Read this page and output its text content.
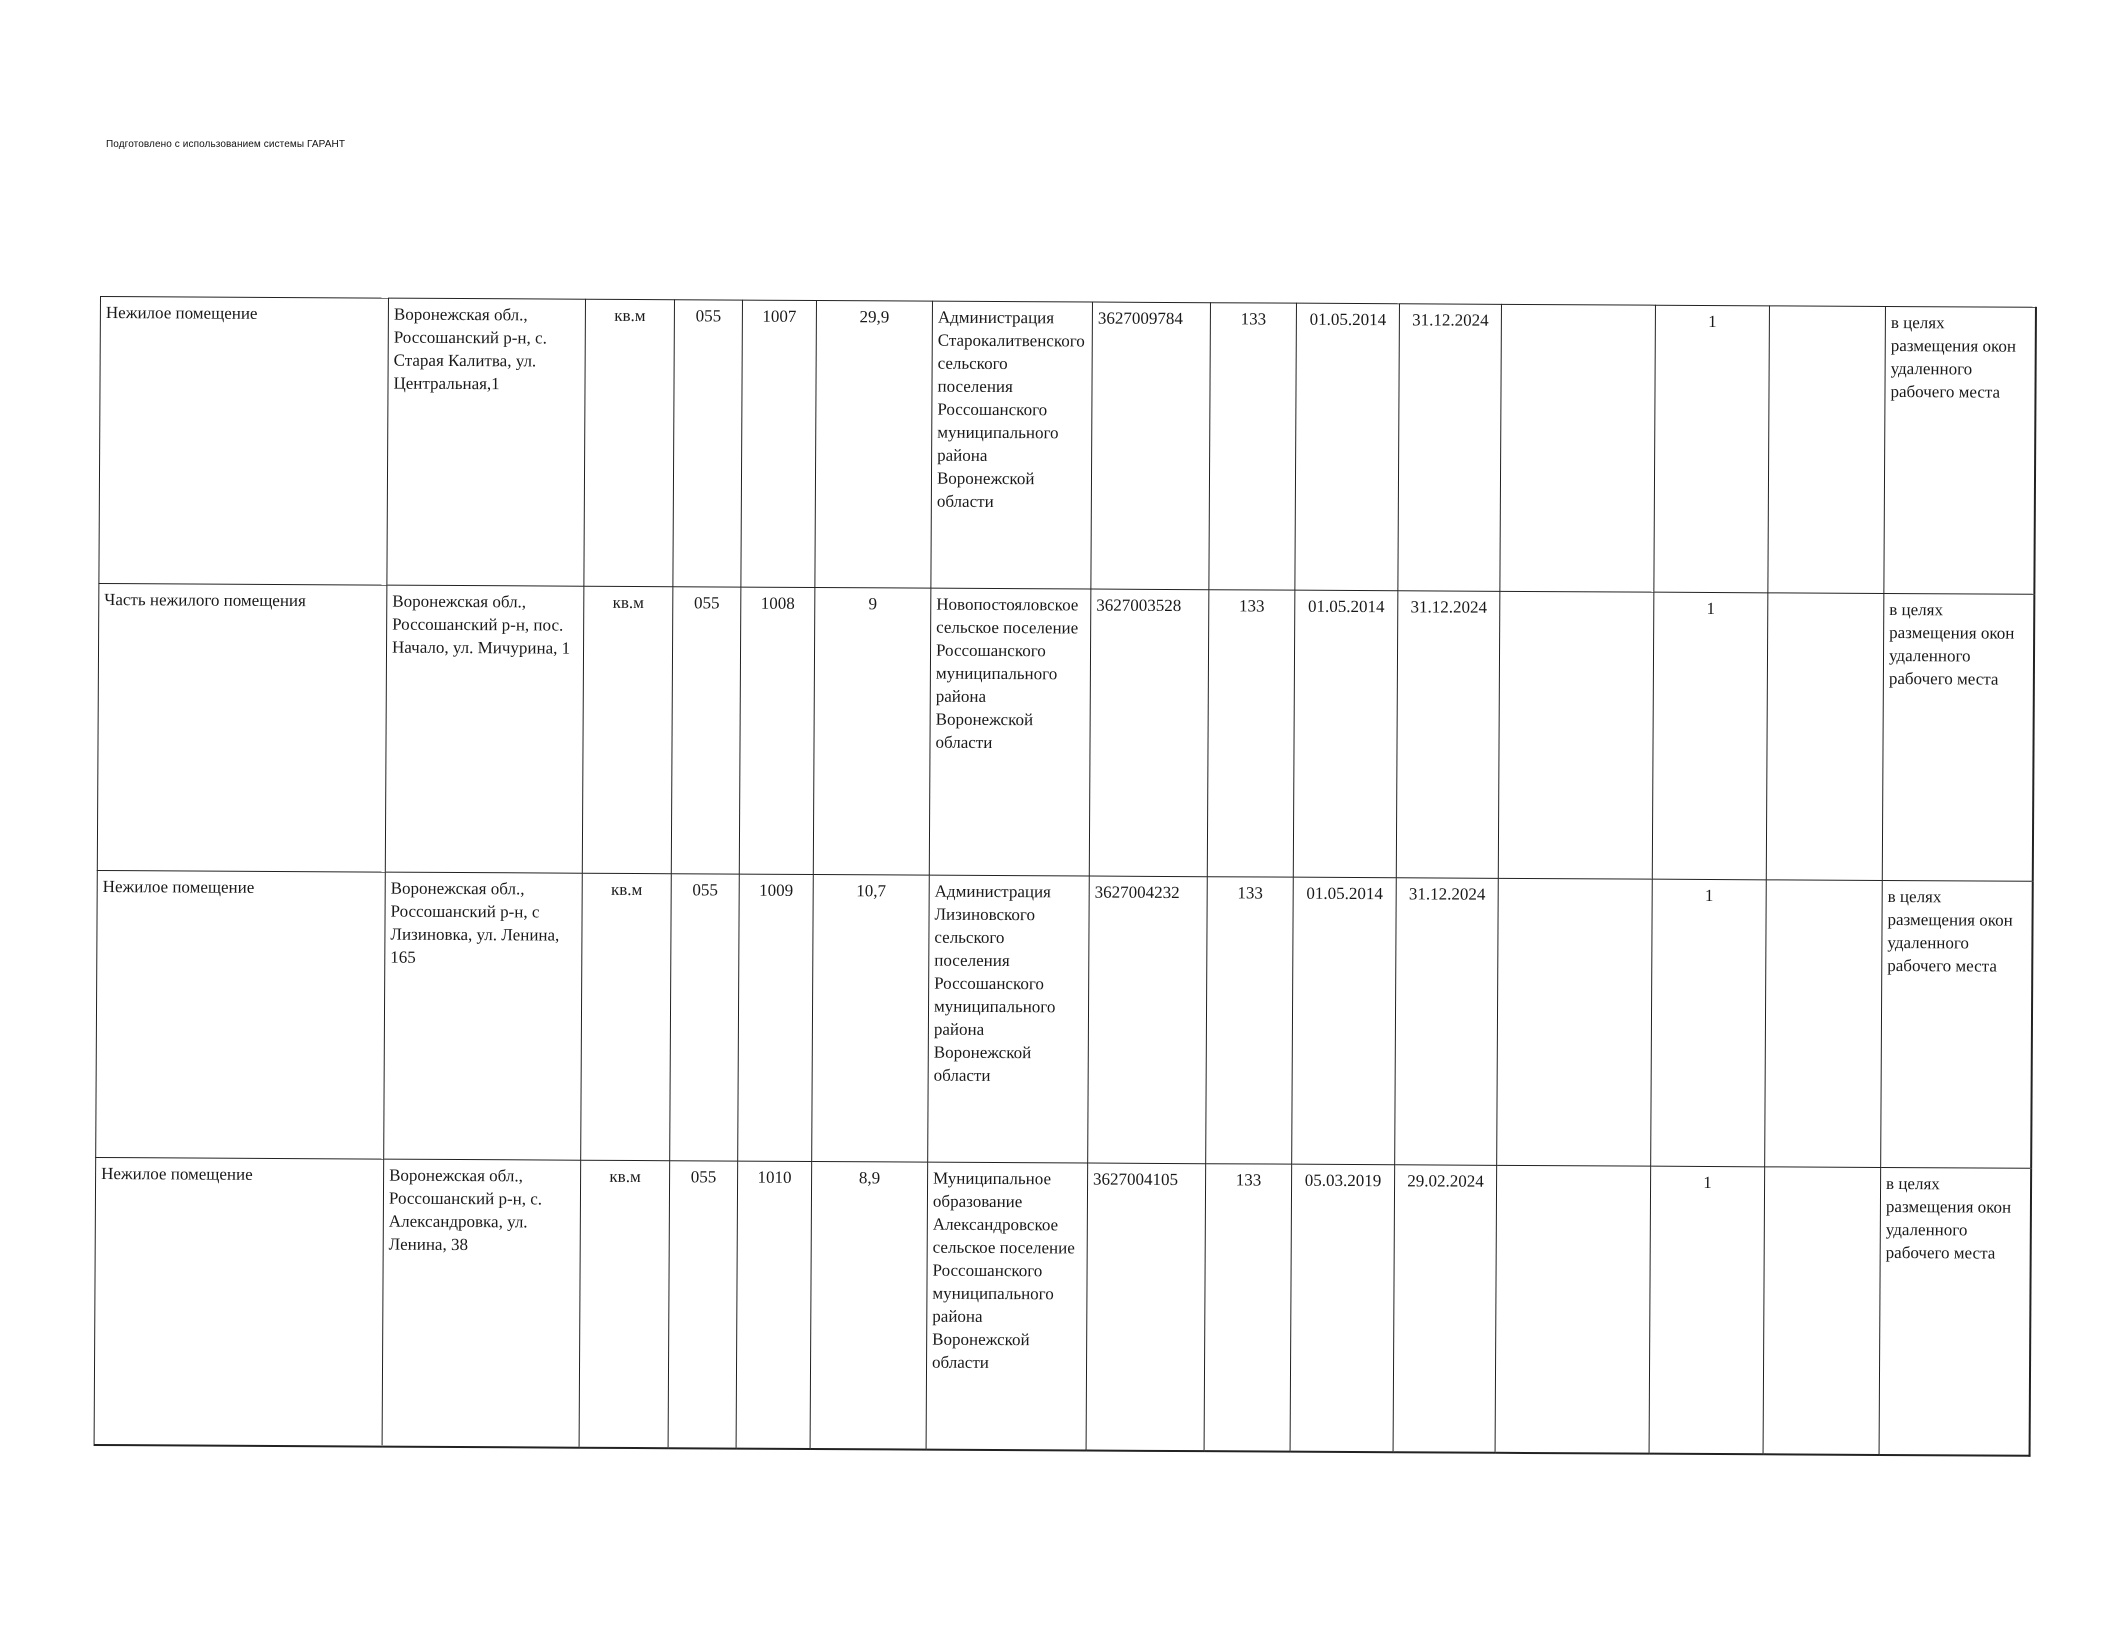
Подготовлено с использованием системы ГАРАНТ
Нежилое помещение	Воронежская обл., Россошанский р-н, с. Старая Калитва, ул. Центральная,1	кв.м	055	1007	29,9	Администрация Старокалитвенского сельского поселения Россошанского муниципального района Воронежской области	3627009784	133	01.05.2014	31.12.2024		1		в целях размещения окон удаленного рабочего места
Часть нежилого помещения	Воронежская обл., Россошанский р-н, пос. Начало, ул. Мичурина, 1	кв.м	055	1008	9	Новопостояловское сельское поселение Россошанского муниципального района Воронежской области	3627003528	133	01.05.2014	31.12.2024		1		в целях размещения окон удаленного рабочего места
Нежилое помещение	Воронежская обл., Россошанский р-н, с Лизиновка, ул. Ленина, 165	кв.м	055	1009	10,7	Администрация Лизиновского сельского поселения Россошанского муниципального района Воронежской области	3627004232	133	01.05.2014	31.12.2024		1		в целях размещения окон удаленного рабочего места
Нежилое помещение	Воронежская обл., Россошанский р-н, с. Александровка, ул. Ленина, 38	кв.м	055	1010	8,9	Муниципальное образование Александровское сельское поселение Россошанского муниципального района Воронежской области	3627004105	133	05.03.2019	29.02.2024		1		в целях размещения окон удаленного рабочего места
